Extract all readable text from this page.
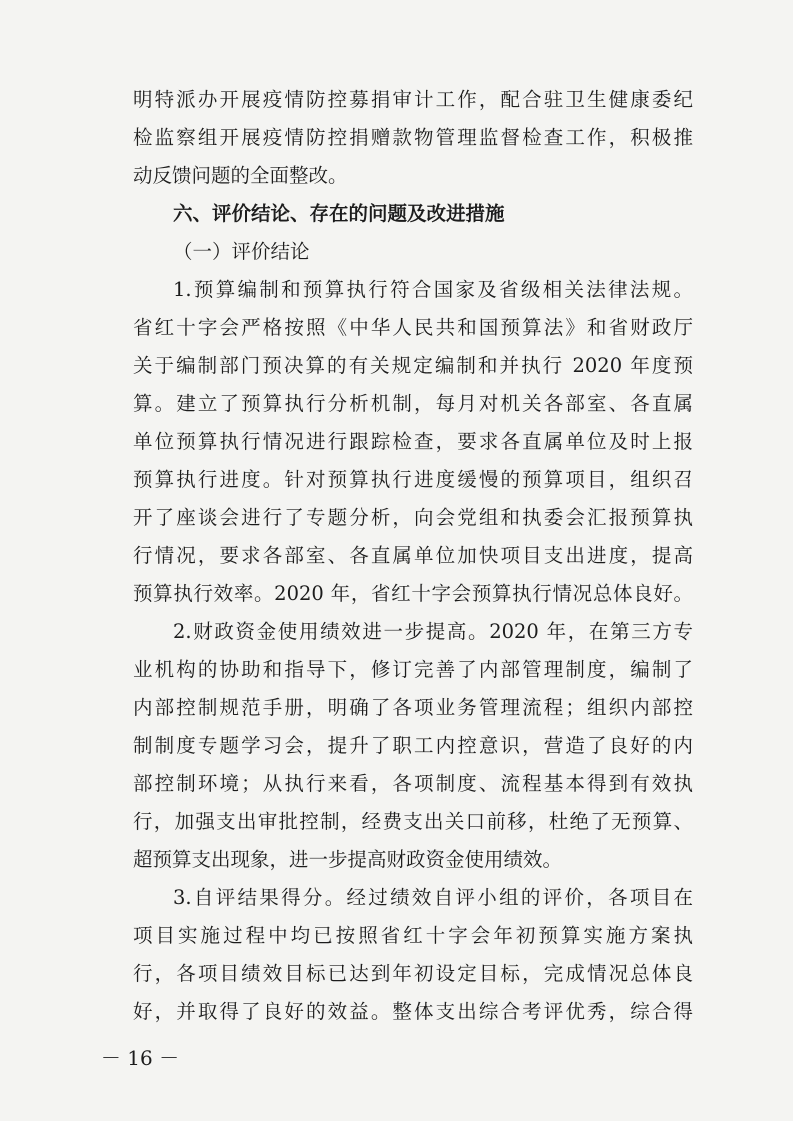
明特派办开展疫情防控募捐审计工作，配合驻卫生健康委纪
检监察组开展疫情防控捐赠款物管理监督检查工作，积极推
动反馈问题的全面整改。
六、评价结论、存在的问题及改进措施
（一）评价结论
1.预算编制和预算执行符合国家及省级相关法律法规。
省红十字会严格按照《中华人民共和国预算法》和省财政厅
关于编制部门预决算的有关规定编制和并执行 2020 年度预
算。建立了预算执行分析机制，每月对机关各部室、各直属
单位预算执行情况进行跟踪检查，要求各直属单位及时上报
预算执行进度。针对预算执行进度缓慢的预算项目，组织召
开了座谈会进行了专题分析，向会党组和执委会汇报预算执
行情况，要求各部室、各直属单位加快项目支出进度，提高
预算执行效率。2020 年，省红十字会预算执行情况总体良好。
2.财政资金使用绩效进一步提高。2020 年，在第三方专
业机构的协助和指导下，修订完善了内部管理制度，编制了
内部控制规范手册，明确了各项业务管理流程；组织内部控
制制度专题学习会，提升了职工内控意识，营造了良好的内
部控制环境；从执行来看，各项制度、流程基本得到有效执
行，加强支出审批控制，经费支出关口前移，杜绝了无预算、
超预算支出现象，进一步提高财政资金使用绩效。
3.自评结果得分。经过绩效自评小组的评价，各项目在
项目实施过程中均已按照省红十字会年初预算实施方案执
行，各项目绩效目标已达到年初设定目标，完成情况总体良
好，并取得了良好的效益。整体支出综合考评优秀，综合得
－ 16 －
